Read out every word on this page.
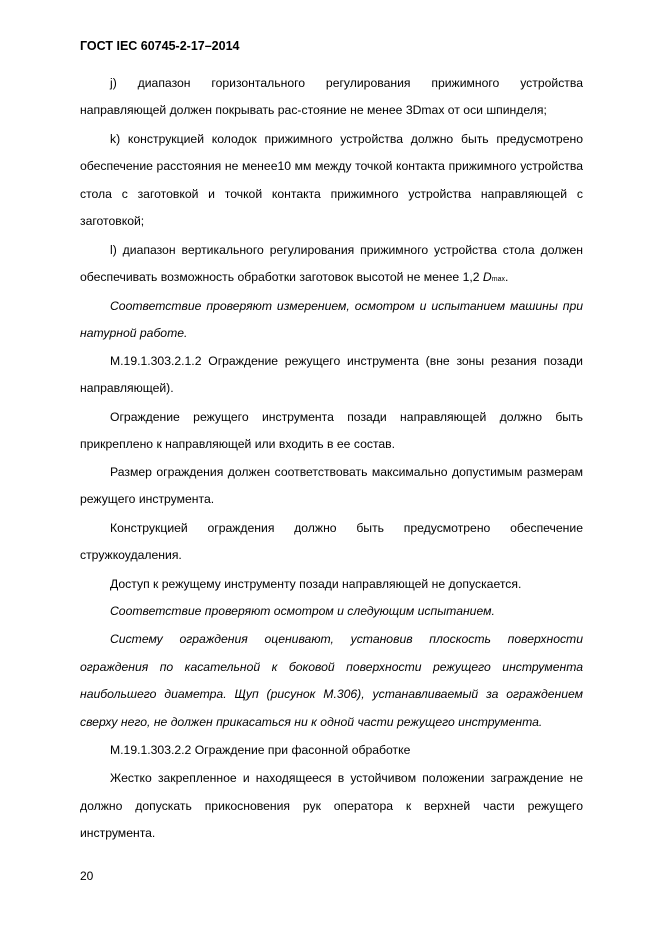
ГОСТ IEC 60745-2-17–2014
j) диапазон горизонтального регулирования прижимного устройства
направляющей должен покрывать рас-стояние не менее 3Dmax от оси шпинделя;
k) конструкцией колодок прижимного устройства должно быть предусмотрено
обеспечение расстояния не менее10 мм между точкой контакта прижимного устройства
стола с заготовкой и точкой контакта прижимного устройства направляющей с
заготовкой;
l) диапазон вертикального регулирования прижимного устройства стола должен
обеспечивать возможность обработки заготовок высотой не менее 1,2 Dmax.
Соответствие проверяют измерением, осмотром и испытанием машины при
натурной работе.
М.19.1.303.2.1.2 Ограждение режущего инструмента (вне зоны резания позади
направляющей).
Ограждение режущего инструмента позади направляющей должно быть
прикреплено к направляющей или входить в ее состав.
Размер ограждения должен соответствовать максимально допустимым размерам
режущего инструмента.
Конструкцией ограждения должно быть предусмотрено обеспечение
стружкоудаления.
Доступ к режущему инструменту позади направляющей не допускается.
Соответствие проверяют осмотром и следующим испытанием.
Систему ограждения оценивают, установив плоскость поверхности
ограждения по касательной к боковой поверхности режущего инструмента
наибольшего диаметра. Щуп (рисунок М.306), устанавливаемый за ограждением
сверху него, не должен прикасаться ни к одной части режущего инструмента.
М.19.1.303.2.2 Ограждение при фасонной обработке
Жестко закрепленное и находящееся в устойчивом положении заграждение не
должно допускать прикосновения рук оператора к верхней части режущего
инструмента.
20
